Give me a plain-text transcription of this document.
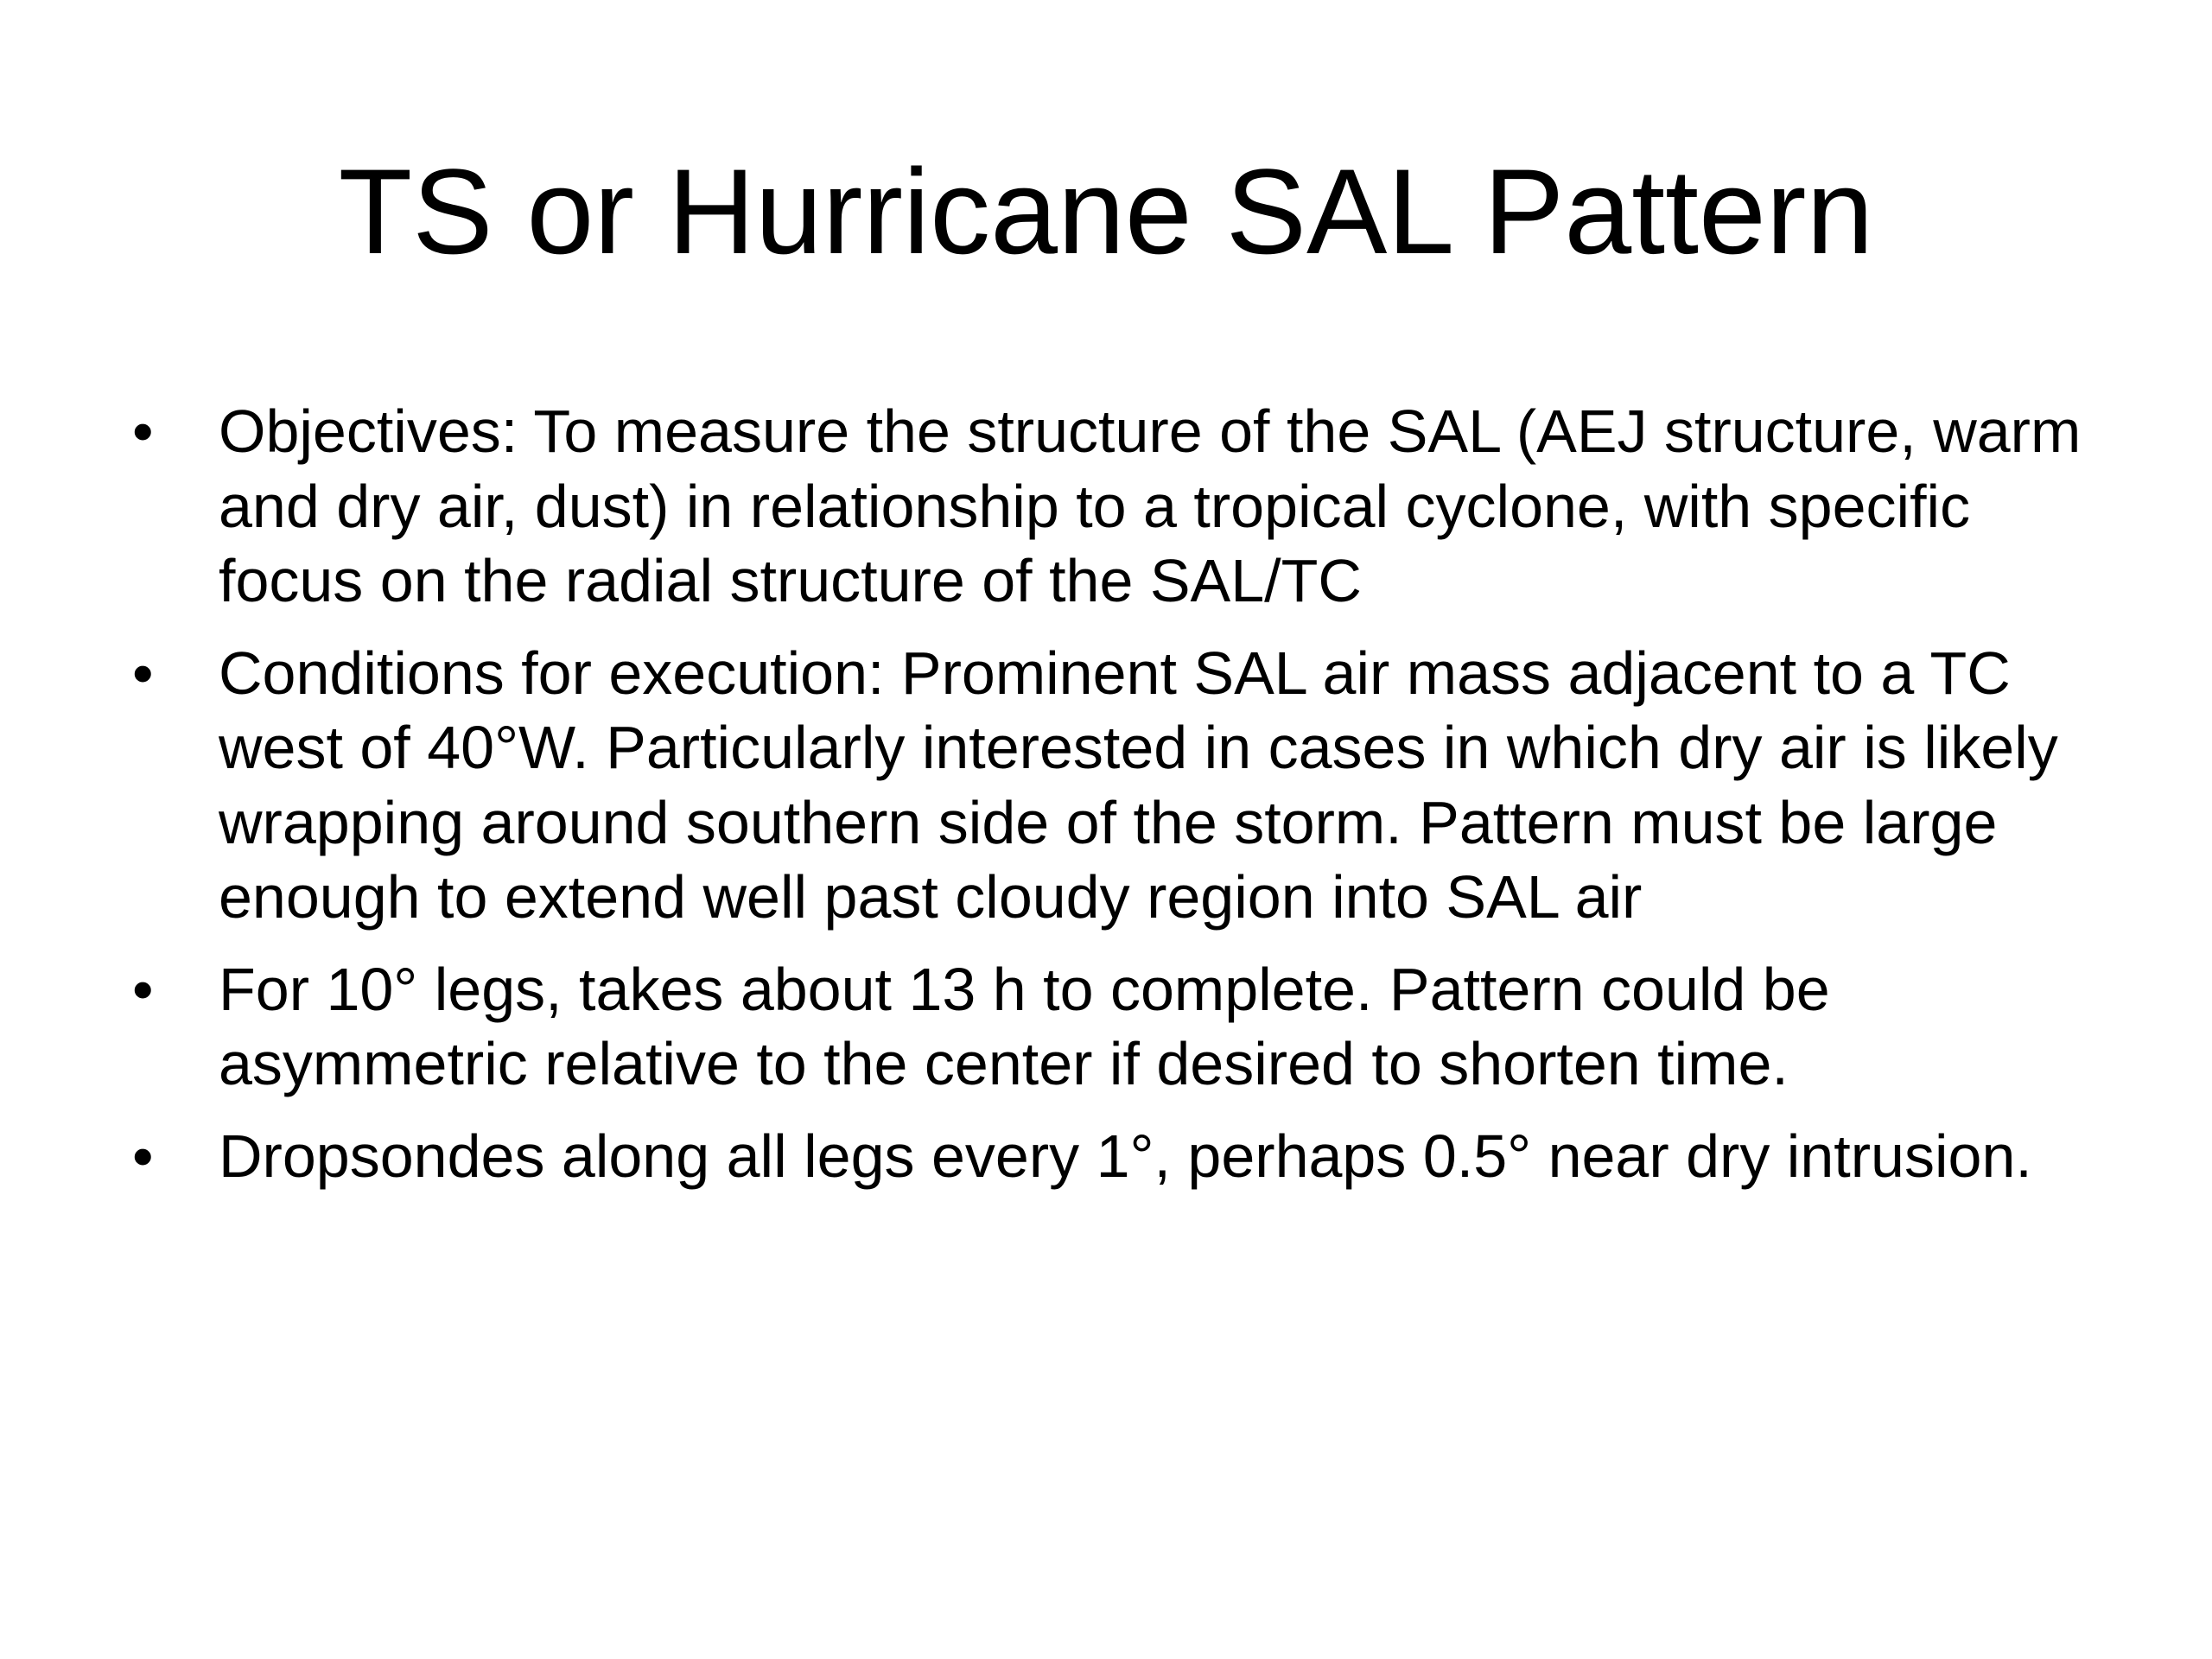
TS or Hurricane SAL Pattern
• Objectives: To measure the structure of the SAL (AEJ structure, warm and dry air, dust) in relationship to a tropical cyclone, with specific focus on the radial structure of the SAL/TC
• Conditions for execution: Prominent SAL air mass adjacent to a TC west of 40°W. Particularly interested in cases in which dry air is likely wrapping around southern side of the storm. Pattern must be large enough to extend well past cloudy region into SAL air
• For 10° legs, takes about 13 h to complete. Pattern could be asymmetric relative to the center if desired to shorten time.
• Dropsondes along all legs every 1°, perhaps 0.5° near dry intrusion.
